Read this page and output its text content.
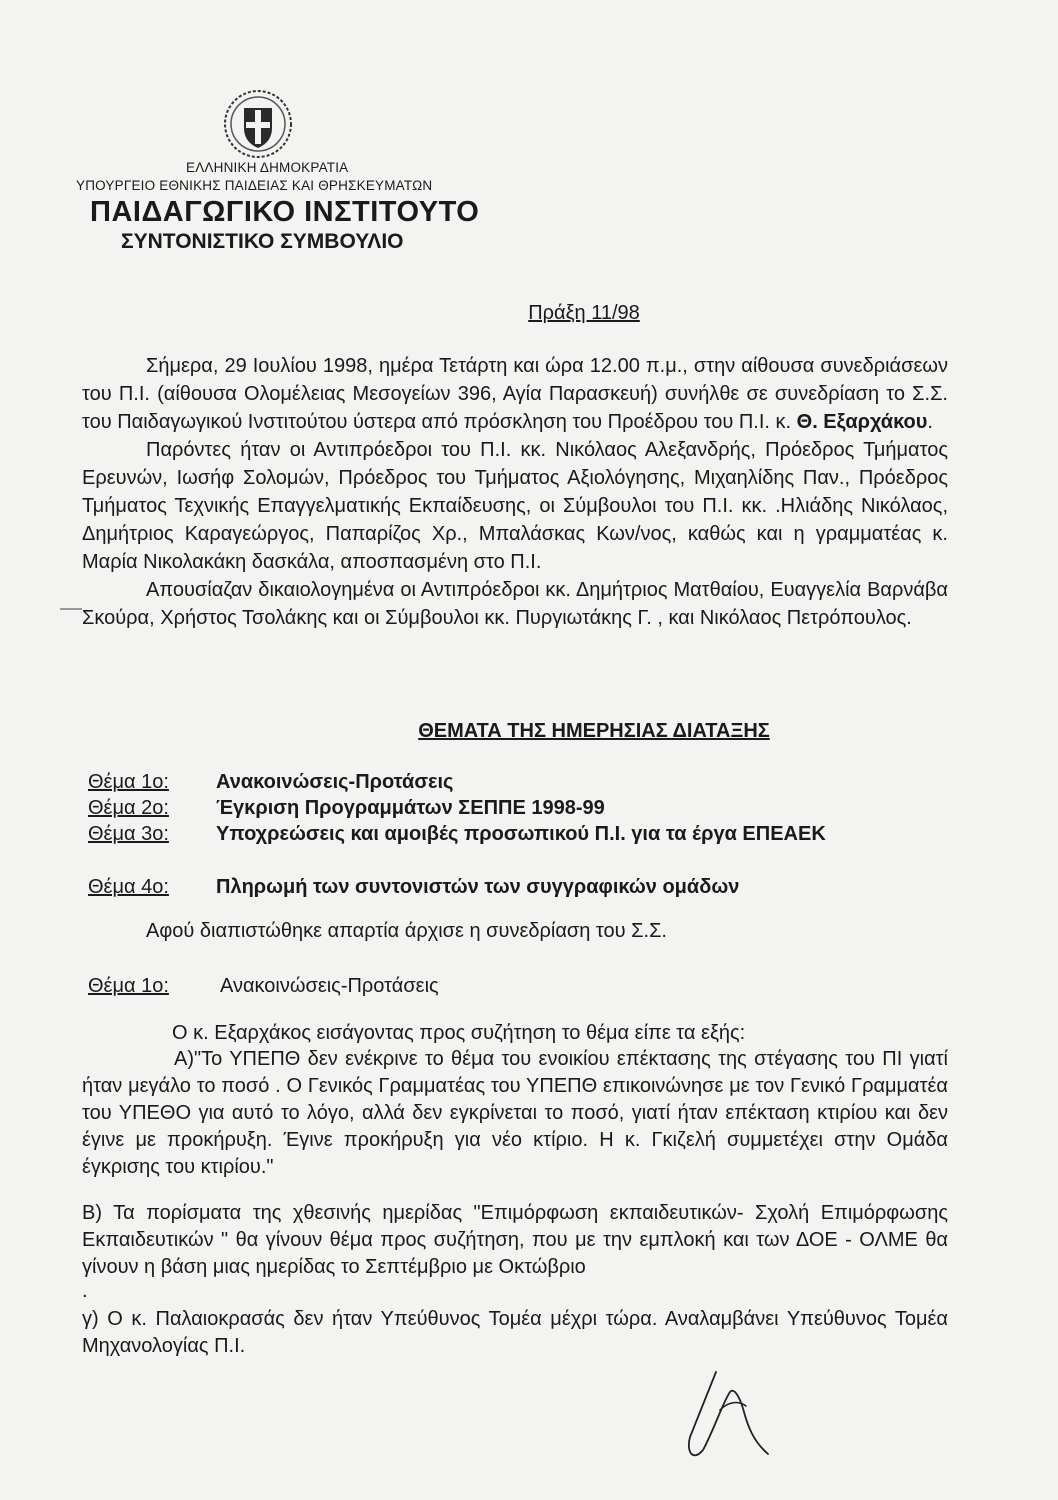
ΕΛΛΗΝΙΚΗ ΔΗΜΟΚΡΑΤΙΑ
ΥΠΟΥΡΓΕΙΟ ΕΘΝΙΚΗΣ ΠΑΙΔΕΙΑΣ ΚΑΙ ΘΡΗΣΚΕΥΜΑΤΩΝ
ΠΑΙΔΑΓΩΓΙΚΟ ΙΝΣΤΙΤΟΥΤΟ
ΣΥΝΤΟΝΙΣΤΙΚΟ ΣΥΜΒΟΥΛΙΟ
Πράξη 11/98

Σήμερα, 29 Ιουλίου 1998, ημέρα Τετάρτη και ώρα 12.00 π.μ., στην αίθουσα συνεδριάσεων του Π.Ι. (αίθουσα Ολομέλειας Μεσογείων 396, Αγία Παρασκευή) συνήλθε σε συνεδρίαση το Σ.Σ. του Παιδαγωγικού Ινστιτούτου ύστερα από πρόσκληση του Προέδρου του Π.Ι. κ. Θ. Εξαρχάκου.

Παρόντες ήταν οι Αντιπρόεδροι του Π.Ι. κκ. Νικόλαος Αλεξανδρής, Πρόεδρος Τμήματος Ερευνών, Ιωσήφ Σολομών, Πρόεδρος του Τμήματος Αξιολόγησης, Μιχαηλίδης Παν., Πρόεδρος Τμήματος Τεχνικής Επαγγελματικής Εκπαίδευσης, οι Σύμβουλοι του Π.Ι. κκ. .Ηλιάδης Νικόλαος, Δημήτριος Καραγεώργος, Παπαρίζος Χρ., Μπαλάσκας Κων/νος, καθώς και η γραμματέας κ. Μαρία Νικολακάκη δασκάλα, αποσπασμένη στο Π.Ι.

Απουσίαζαν δικαιολογημένα οι Αντιπρόεδροι κκ. Δημήτριος Ματθαίου, Ευαγγελία Βαρνάβα Σκούρα, Χρήστος Τσολάκης και οι Σύμβουλοι κκ. Πυργιωτάκης Γ. , και Νικόλαος Πετρόπουλος.

ΘΕΜΑΤΑ ΤΗΣ ΗΜΕΡΗΣΙΑΣ ΔΙΑΤΑΞΗΣ
Θέμα 1ο: Ανακοινώσεις-Προτάσεις
Θέμα 2ο: Έγκριση Προγραμμάτων ΣΕΠΠΕ 1998-99
Θέμα 3ο: Υποχρεώσεις και αμοιβές προσωπικού Π.Ι. για τα έργα ΕΠΕΑΕΚ
Θέμα 4ο: Πληρωμή των συντονιστών των συγγραφικών ομάδων

Αφού διαπιστώθηκε απαρτία άρχισε η συνεδρίαση του Σ.Σ.

Θέμα 1ο:	Ανακοινώσεις-Προτάσεις

Ο κ. Εξαρχάκος εισάγοντας προς συζήτηση το θέμα είπε τα εξής:

Α)"Το ΥΠΕΠΘ δεν ενέκρινε το θέμα του ενοικίου επέκτασης της στέγασης του ΠΙ γιατί ήταν μεγάλο το ποσό . Ο Γενικός Γραμματέας του ΥΠΕΠΘ επικοινώνησε με τον Γενικό Γραμματέα του ΥΠΕΘΟ για αυτό το λόγο, αλλά δεν εγκρίνεται το ποσό, γιατί ήταν επέκταση κτιρίου και δεν έγινε με προκήρυξη. Έγινε προκήρυξη για νέο κτίριο. Η κ. Γκιζελή συμμετέχει στην Ομάδα έγκρισης του κτιρίου."

Β) Τα πορίσματα της χθεσινής ημερίδας "Επιμόρφωση εκπαιδευτικών- Σχολή Επιμόρφωσης Εκπαιδευτικών " θα γίνουν θέμα προς συζήτηση, που με την εμπλοκή και των ΔΟΕ - ΟΛΜΕ θα γίνουν η βάση μιας ημερίδας το Σεπτέμβριο με Οκτώβριο

.

γ) Ο κ. Παλαιοκρασάς δεν ήταν Υπεύθυνος Τομέα μέχρι τώρα. Αναλαμβάνει Υπεύθυνος Τομέα Μηχανολογίας Π.Ι.
